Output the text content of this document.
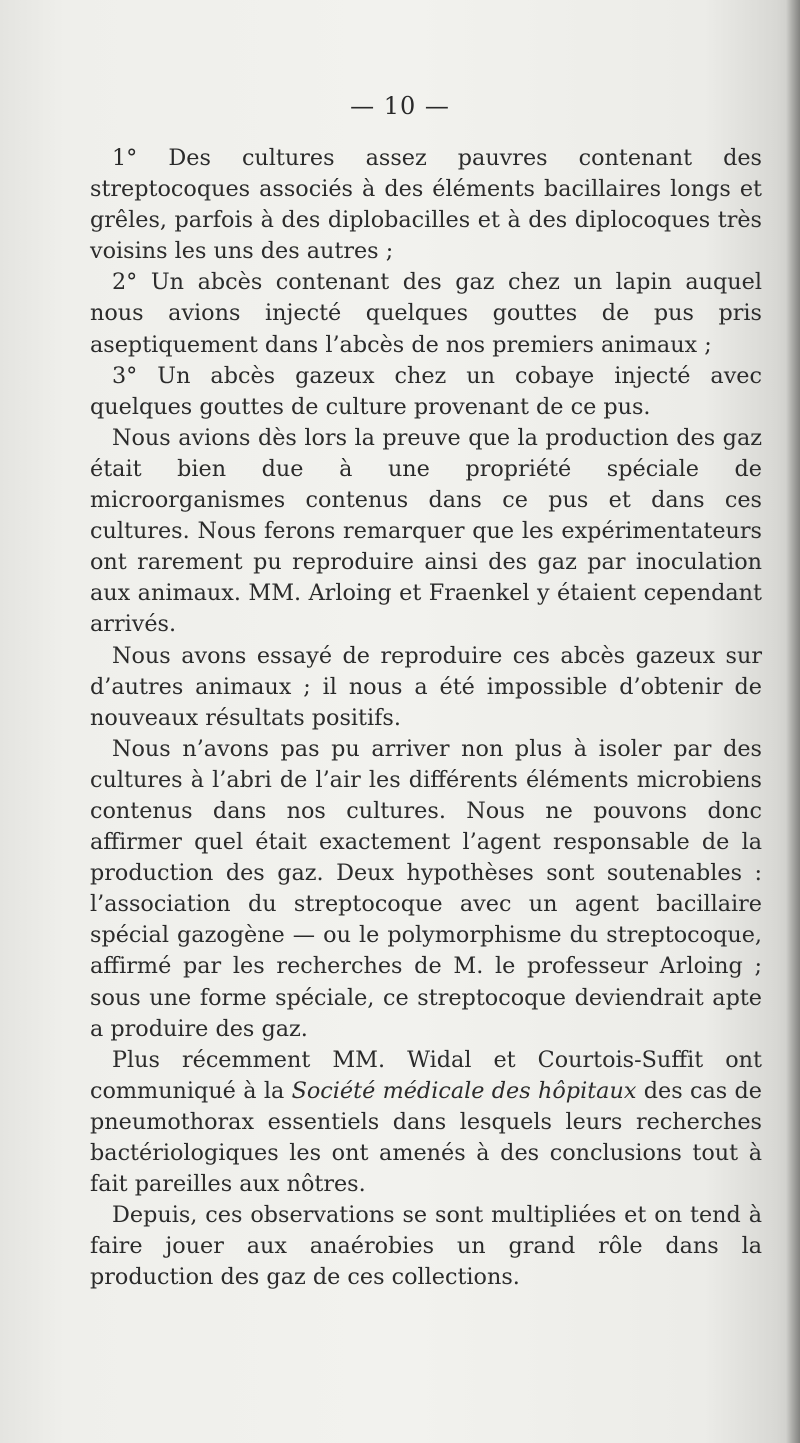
— 10 —

1° Des cultures assez pauvres contenant des streptocoques associés à des éléments bacillaires longs et grêles, parfois à des diplobacilles et à des diplocoques très voisins les uns des autres ;

2° Un abcès contenant des gaz chez un lapin auquel nous avions injecté quelques gouttes de pus pris aseptiquement dans l’abcès de nos premiers animaux ;

3° Un abcès gazeux chez un cobaye injecté avec quelques gouttes de culture provenant de ce pus.

Nous avions dès lors la preuve que la production des gaz était bien due à une propriété spéciale de microorganismes contenus dans ce pus et dans ces cultures. Nous ferons remarquer que les expérimentateurs ont rarement pu reproduire ainsi des gaz par inoculation aux animaux. MM. Arloing et Fraenkel y étaient cependant arrivés.

Nous avons essayé de reproduire ces abcès gazeux sur d’autres animaux ; il nous a été impossible d’obtenir de nouveaux résultats positifs.

Nous n’avons pas pu arriver non plus à isoler par des cultures à l’abri de l’air les différents éléments microbiens contenus dans nos cultures. Nous ne pouvons donc affirmer quel était exactement l’agent responsable de la production des gaz. Deux hypothèses sont soutenables : l’association du streptocoque avec un agent bacillaire spécial gazogène — ou le polymorphisme du streptocoque, affirmé par les recherches de M. le professeur Arloing ; sous une forme spéciale, ce streptocoque deviendrait apte a produire des gaz.

Plus récemment MM. Widal et Courtois-Suffit ont communiqué à la Société médicale des hôpitaux des cas de pneumothorax essentiels dans lesquels leurs recherches bactériologiques les ont amenés à des conclusions tout à fait pareilles aux nôtres.

Depuis, ces observations se sont multipliées et on tend à faire jouer aux anaérobies un grand rôle dans la production des gaz de ces collections.
